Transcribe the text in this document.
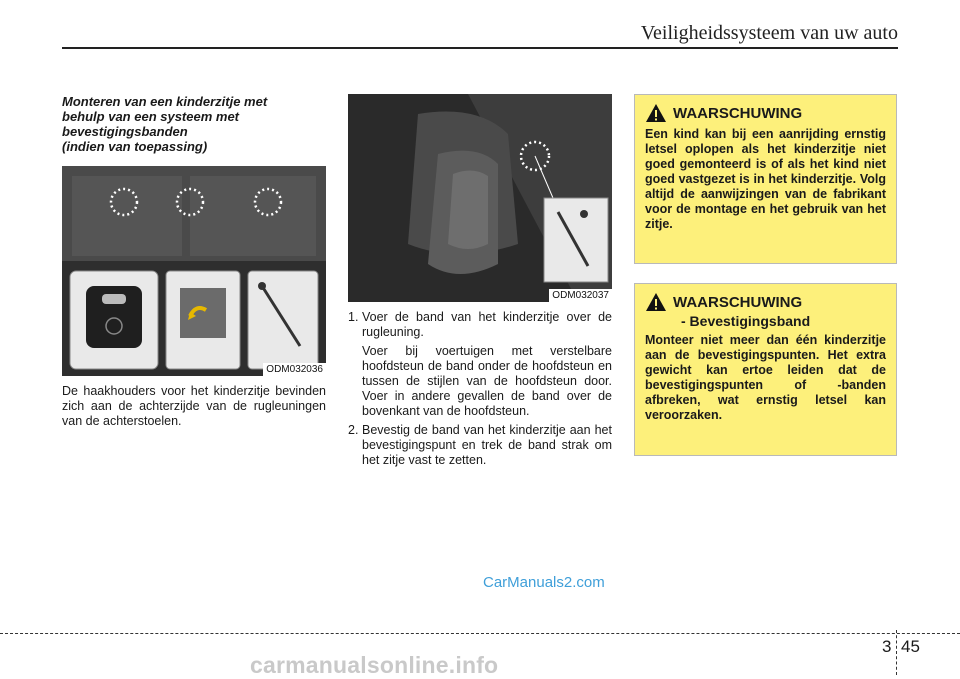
Veiligheidssysteem van uw auto
Monteren van een kinderzitje met
behulp van een systeem met
bevestigingsbanden
(indien van toepassing)
ODM032036

De haakhouders voor het kinderzitje bevinden zich aan de achterzijde van de rugleuningen van de achterstoelen.

ODM032037
1. Voer de band van het kinderzitje over de rugleuning.

Voer bij voertuigen met verstelbare hoofdsteun de band onder de hoofdsteun en tussen de stijlen van de hoofdsteun door. Voer in andere gevallen de band over de bovenkant van de hoofdsteun.

2. Bevestig de band van het kinderzitje aan het bevestigingspunt en trek de band strak om het zitje vast te zetten.

WAARSCHUWING

Een kind kan bij een aanrijding ernstig letsel oplopen als het kinderzitje niet goed gemonteerd is of als het kind niet goed vastgezet is in het kinderzitje. Volg altijd de aanwijzingen van de fabrikant voor de montage en het gebruik van het zitje.

WAARSCHUWING
- Bevestigingsband

Monteer niet meer dan één kinderzitje aan de bevestigingspunten. Het extra gewicht kan ertoe leiden dat de bevestigingspunten of -banden afbreken, wat ernstig letsel kan veroorzaken.

CarManuals2.com
3 45
carmanualsonline.info
